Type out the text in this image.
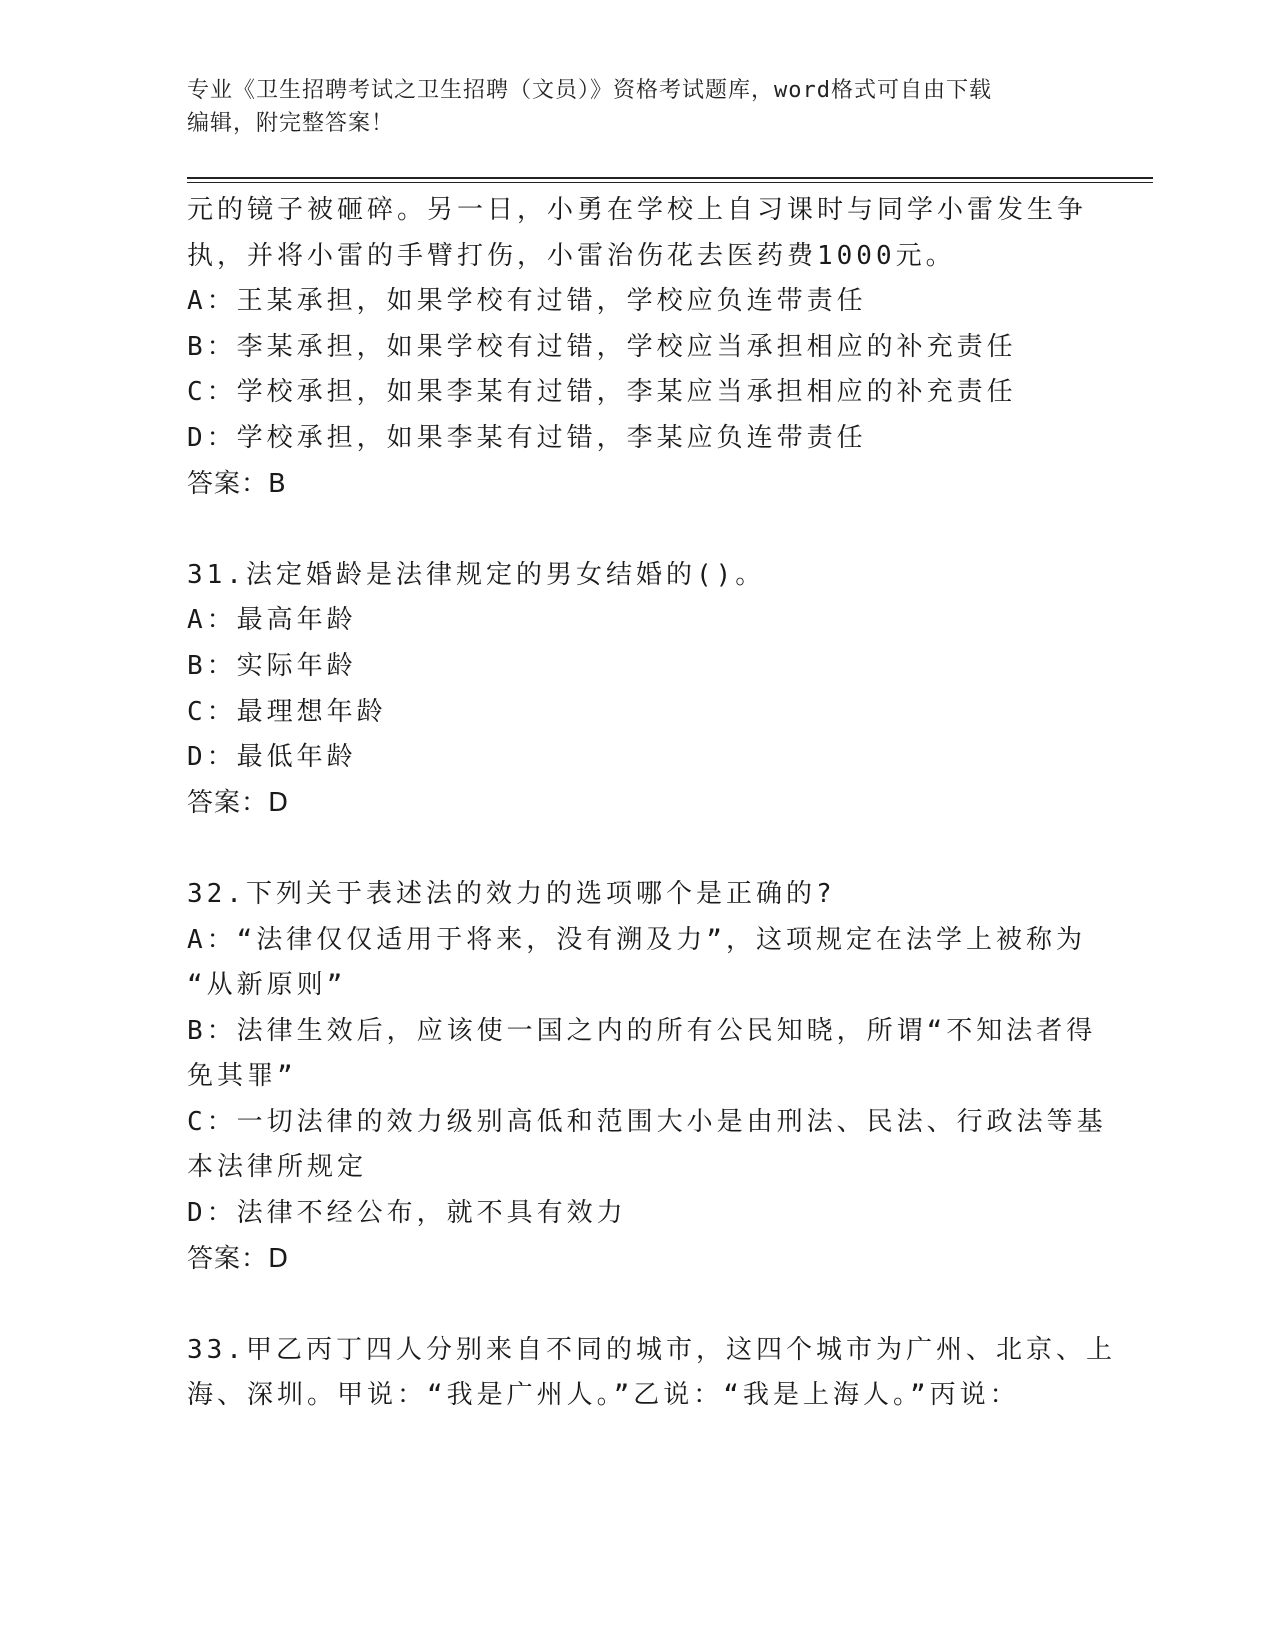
专业《卫生招聘考试之卫生招聘（文员）》资格考试题库，word格式可自由下载
编辑，附完整答案！
元的镜子被砸碎。另一日，小勇在学校上自习课时与同学小雷发生争
执，并将小雷的手臂打伤，小雷治伤花去医药费1000元。
A：王某承担，如果学校有过错，学校应负连带责任
B：李某承担，如果学校有过错，学校应当承担相应的补充责任
C：学校承担，如果李某有过错，李某应当承担相应的补充责任
D：学校承担，如果李某有过错，李某应负连带责任
答案：B
31.法定婚龄是法律规定的男女结婚的()。
A：最高年龄
B：实际年龄
C：最理想年龄
D：最低年龄
答案：D
32.下列关于表述法的效力的选项哪个是正确的?
A：“法律仅仅适用于将来，没有溯及力”，这项规定在法学上被称为
“从新原则”
B：法律生效后，应该使一国之内的所有公民知晓，所谓“不知法者得
免其罪”
C：一切法律的效力级别高低和范围大小是由刑法、民法、行政法等基
本法律所规定
D：法律不经公布，就不具有效力
答案：D
33.甲乙丙丁四人分别来自不同的城市，这四个城市为广州、北京、上
海、深圳。甲说：“我是广州人。”乙说：“我是上海人。”丙说：
